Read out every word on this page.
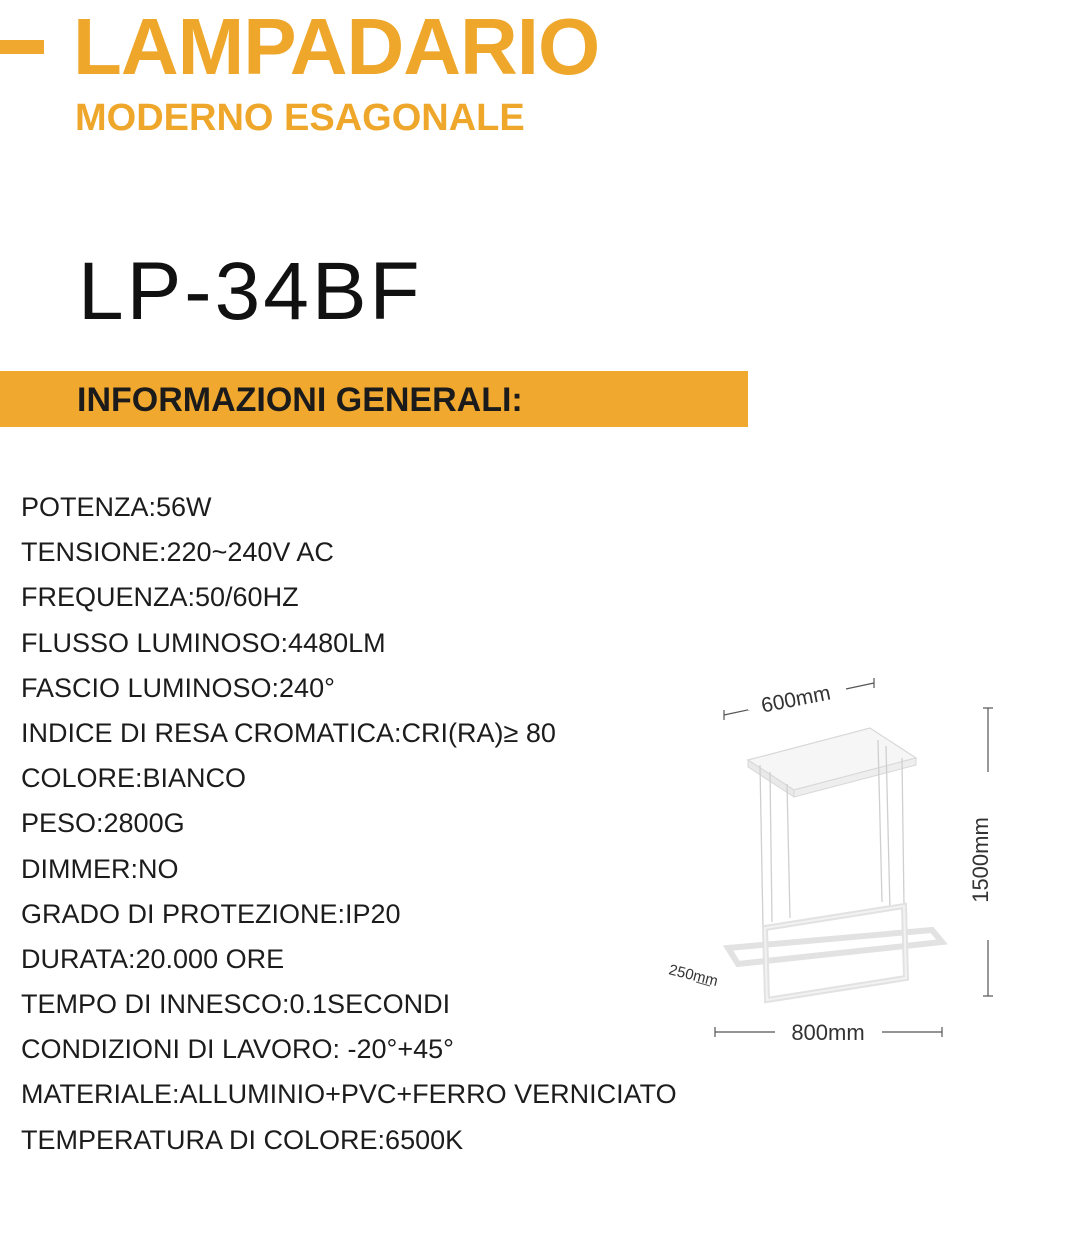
LAMPADARIO
MODERNO ESAGONALE
LP-34BF
INFORMAZIONI GENERALI:
POTENZA:56W
TENSIONE:220~240V AC
FREQUENZA:50/60HZ
FLUSSO LUMINOSO:4480LM
FASCIO LUMINOSO:240°
INDICE DI RESA CROMATICA:CRI(RA)≥ 80
COLORE:BIANCO
PESO:2800G
DIMMER:NO
GRADO DI PROTEZIONE:IP20
DURATA:20.000 ORE
TEMPO DI INNESCO:0.1SECONDI
CONDIZIONI DI LAVORO: -20°+45°
MATERIALE:ALLUMINIO+PVC+FERRO VERNICIATO
TEMPERATURA DI COLORE:6500K
600mm
1500mm
250mm
800mm
